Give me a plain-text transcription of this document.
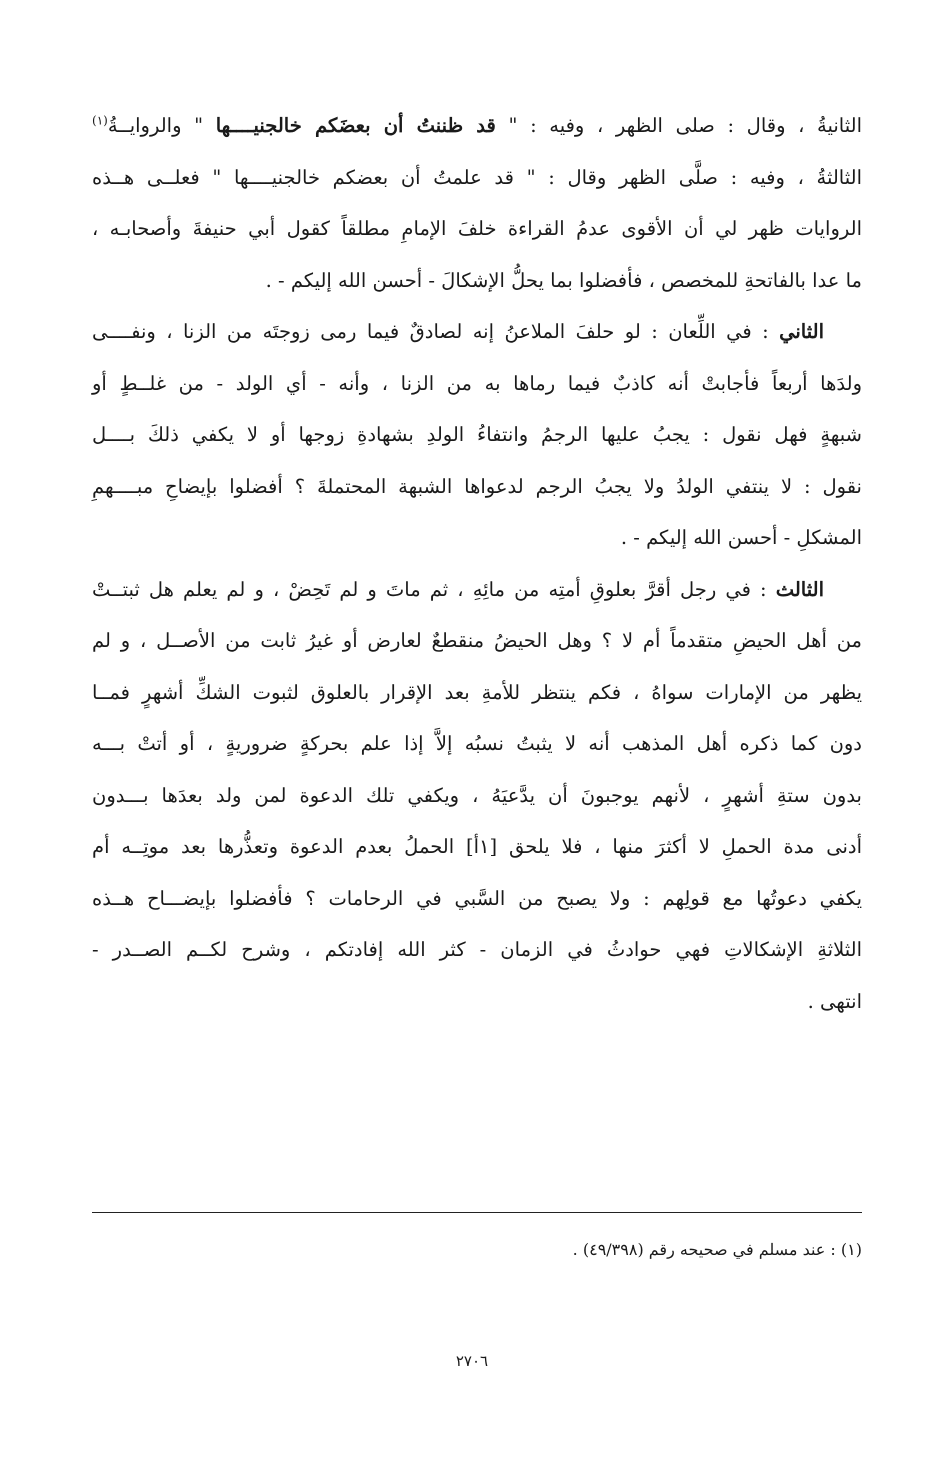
الثانيةُ ، وقال : صلى الظهر ، وفيه : " قد ظننتُ أن بعضَكم خالجنيــــها " والروايــةُ$^{(١)}$
الثالثةُ ، وفيه : صلَّى الظهر وقال : " قد علمتُ أن بعضكم خالجنيــــها " فعلــى هــذه
الروايات ظهر لي أن الأقوى عدمُ القراءة خلفَ الإمامِ مطلقاً كقول أبي حنيفةَ وأصحابـه ،
ما عدا بالفاتحةِ للمخصص ، فأفضلوا بما يحلُّ الإشكالَ - أحسن الله إليكم - .
الثاني : في اللِّعان : لو حلفَ الملاعنُ إنه لصادقٌ فيما رمى زوجتَه من الزنا ، ونفــــى
ولدَها أربعاً فأجابتْ أنه كاذبٌ فيما رماها به من الزنا ، وأنه - أي الولد - من غلــطٍ أو
شبهةٍ فهل نقول : يجبُ عليها الرجمُ وانتفاءُ الولدِ بشهادةِ زوجها أو لا يكفي ذلكَ بــــل
نقول : لا ينتفي الولدُ ولا يجبُ الرجم لدعواها الشبهة المحتملةَ ؟ أفضلوا بإيضاحِ مبــــهمِ
المشكلِ - أحسن الله إليكم - .
الثالث : في رجل أقرَّ بعلوقِ أمتِه من مائِهِ ، ثم ماتَ و لم تَحِضْ ، و لم يعلم هل ثبتــتْ
من أهل الحيضِ متقدماً أم لا ؟ وهل الحيضُ منقطعٌ لعارض أو غيرُ ثابت من الأصــل ، و لم
يظهر من الإمارات سواهُ ، فكم ينتظر للأمةِ بعد الإقرار بالعلوق لثبوت الشكِّ أشهرٍ فمــا
دون كما ذكره أهل المذهب أنه لا يثبتُ نسبُه إلاَّ إذا علم بحركةٍ ضروريةٍ ، أو أتتْ بـــه
بدون ستةِ أشهرٍ ، لأنهم يوجبونَ أن يدَّعيَهُ ، ويكفي تلك الدعوة لمن ولد بعدَها بـــدون
أدنى مدة الحملِ لا أكثرَ منها ، فلا يلحق [١أ] الحملُ بعدم الدعوة وتعذُّرها بعد موتِــه أم
يكفي دعوتُها مع قولِهم : ولا يصبح من السَّبي في الرحامات ؟ فأفضلوا بإيضـــاح هــذه
الثلاثةِ الإشكالاتِ فهي حوادثُ في الزمان - كثر الله إفادتكم ، وشرح لكــم الصــدر -
انتهى .
(١) : عند مسلم في صحيحه رقم (٤٩/٣٩٨) .
٢٧٠٦
